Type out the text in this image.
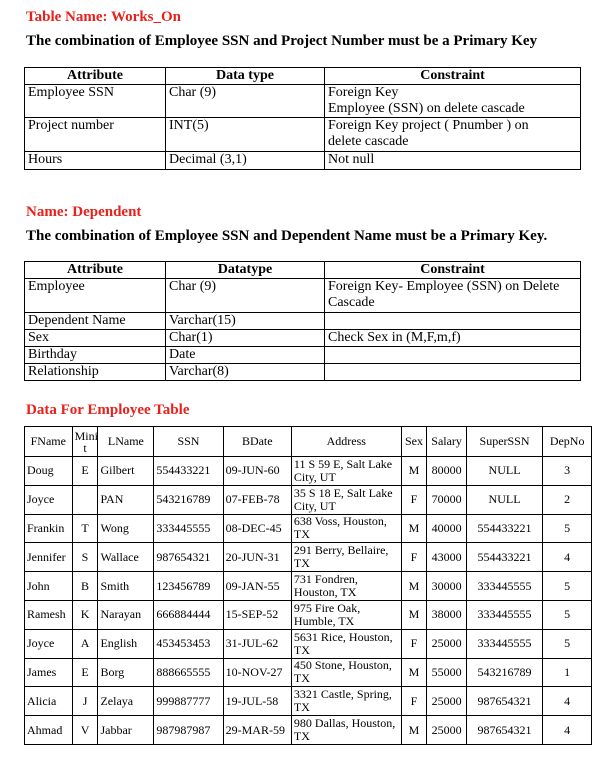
Table Name: Works_On
The combination of Employee SSN and Project Number must be a Primary Key
Attribute	Data type	Constraint
Employee SSN	Char (9)	Foreign Key
Employee (SSN) on delete cascade

Project number	INT(5)	Foreign Key project ( Pnumber ) on
delete cascade

Hours	Decimal (3,1)	Not null
Name: Dependent
The combination of Employee SSN and Dependent Name must be a Primary Key.
Attribute	Datatype	Constraint
Employee	Char (9)	Foreign Key- Employee (SSN) on Delete
Cascade

Dependent Name	Varchar(15)	

Sex	Char(1)	Check Sex in (M,F,m,f)

Birthday	Date	

Relationship	Varchar(8)	
Data For Employee Table
FName	Mini t	LName	SSN	BDate	Address	Sex	Salary	SuperSSN	DepNo
Doug	E	Gilbert	554433221	09-JUN-60	11 S 59 E, Salt Lake City, UT	M	80000	NULL	3
Joyce		PAN	543216789	07-FEB-78	35 S 18 E, Salt Lake City, UT	F	70000	NULL	2
Frankin	T	Wong	333445555	08-DEC-45	638 Voss, Houston, TX	M	40000	554433221	5
Jennifer	S	Wallace	987654321	20-JUN-31	291 Berry, Bellaire, TX	F	43000	554433221	4
John	B	Smith	123456789	09-JAN-55	731 Fondren, Houston, TX	M	30000	333445555	5
Ramesh	K	Narayan	666884444	15-SEP-52	975 Fire Oak, Humble, TX	M	38000	333445555	5
Joyce	A	English	453453453	31-JUL-62	5631 Rice, Houston, TX	F	25000	333445555	5
James	E	Borg	888665555	10-NOV-27	450 Stone, Houston, TX	M	55000	543216789	1
Alicia	J	Zelaya	999887777	19-JUL-58	3321 Castle, Spring, TX	F	25000	987654321	4
Ahmad	V	Jabbar	987987987	29-MAR-59	980 Dallas, Houston, TX	M	25000	987654321	4
